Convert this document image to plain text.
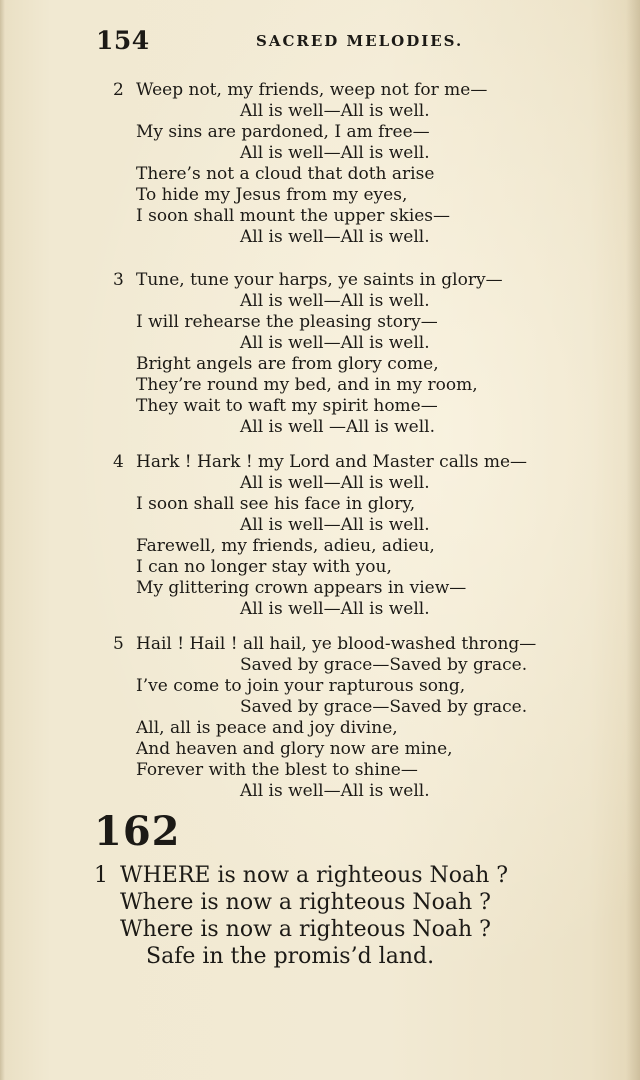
154	SACRED MELODIES.
2 Weep not, my friends, weep not for me—
All is well—All is well.
My sins are pardoned, I am free—
All is well—All is well.
There’s not a cloud that doth arise
To hide my Jesus from my eyes,
I soon shall mount the upper skies—
All is well—All is well.
3 Tune, tune your harps, ye saints in glory—
All is well—All is well.
I will rehearse the pleasing story—
All is well—All is well.
Bright angels are from glory come,
They’re round my bed, and in my room,
They wait to waft my spirit home—
All is well —All is well.
4 Hark ! Hark ! my Lord and Master calls me—
All is well—All is well.
I soon shall see his face in glory,
All is well—All is well.
Farewell, my friends, adieu, adieu,
I can no longer stay with you,
My glittering crown appears in view—
All is well—All is well.
5 Hail ! Hail ! all hail, ye blood-washed throng—
Saved by grace—Saved by grace.
I’ve come to join your rapturous song,
Saved by grace—Saved by grace.
All, all is peace and joy divine,
And heaven and glory now are mine,
Forever with the blest to shine—
All is well—All is well.
162
1 WHERE is now a righteous Noah ?
Where is now a righteous Noah ?
Where is now a righteous Noah ?
Safe in the promis’d land.
